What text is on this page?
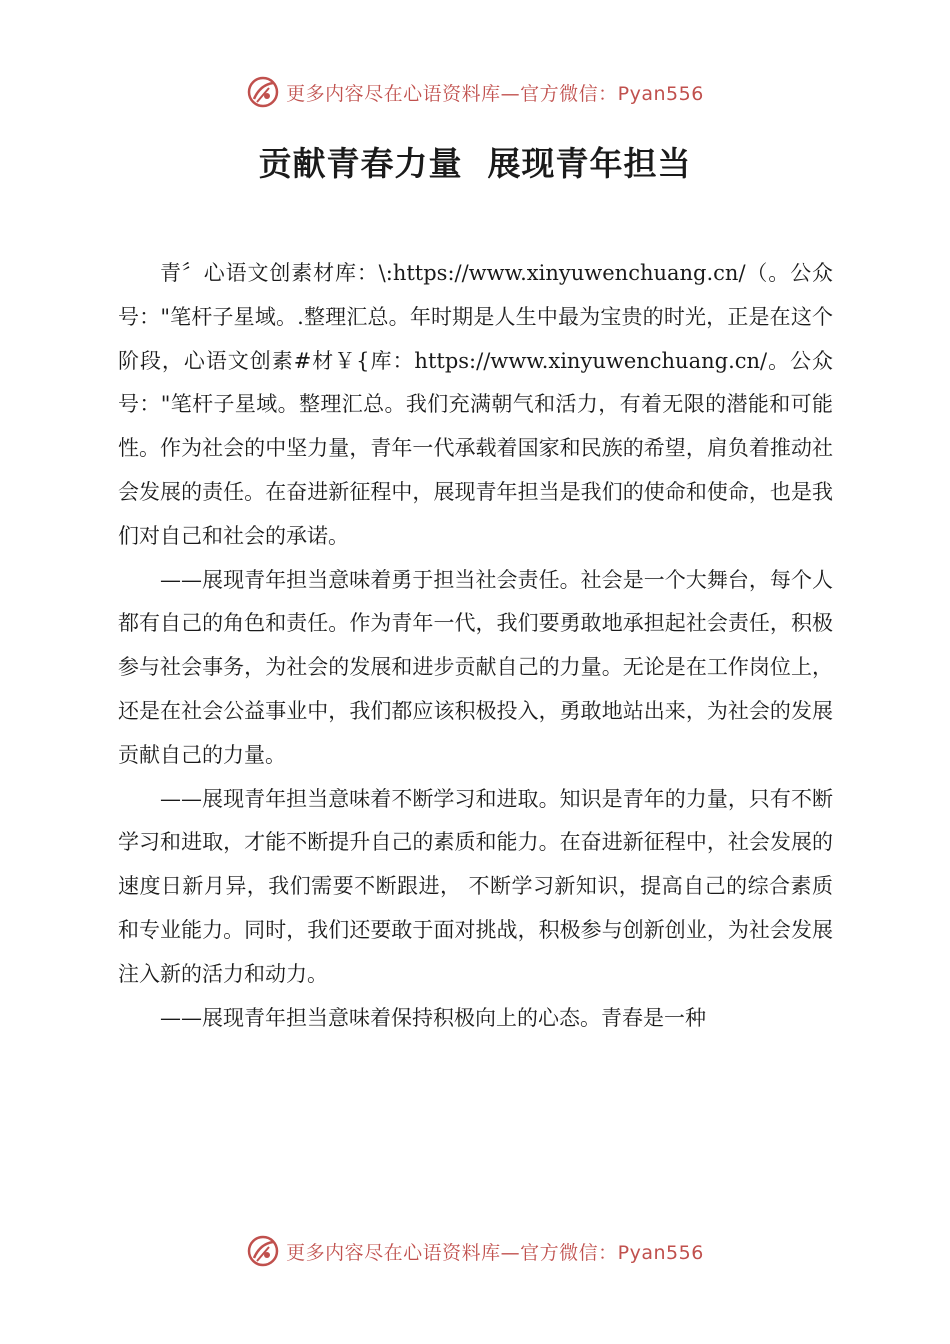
更多内容尽在心语资料库—官方微信：Pyan556
贡献青春力量  展现青年担当

青〞心语文创素材库：\:https://www.xinyuwenchuang.cn/（。公众号："笔杆子星域。.整理汇总。年时期是人生中最为宝贵的时光，正是在这个阶段，心语文创素#材￥{库：https://www.xinyuwenchuang.cn/。公众号："笔杆子星域。整理汇总。我们充满朝气和活力，有着无限的潜能和可能性。作为社会的中坚力量，青年一代承载着国家和民族的希望，肩负着推动社会发展的责任。在奋进新征程中，展现青年担当是我们的使命和使命，也是我们对自己和社会的承诺。

——展现青年担当意味着勇于担当社会责任。社会是一个大舞台，每个人都有自己的角色和责任。作为青年一代，我们要勇敢地承担起社会责任，积极参与社会事务，为社会的发展和进步贡献自己的力量。无论是在工作岗位上，还是在社会公益事业中，我们都应该积极投入，勇敢地站出来，为社会的发展贡献自己的力量。

——展现青年担当意味着不断学习和进取。知识是青年的力量，只有不断学习和进取，才能不断提升自己的素质和能力。在奋进新征程中，社会发展的速度日新月异，我们需要不断跟进， 不断学习新知识，提高自己的综合素质和专业能力。同时，我们还要敢于面对挑战，积极参与创新创业，为社会发展注入新的活力和动力。

——展现青年担当意味着保持积极向上的心态。青春是一种

更多内容尽在心语资料库—官方微信：Pyan556
